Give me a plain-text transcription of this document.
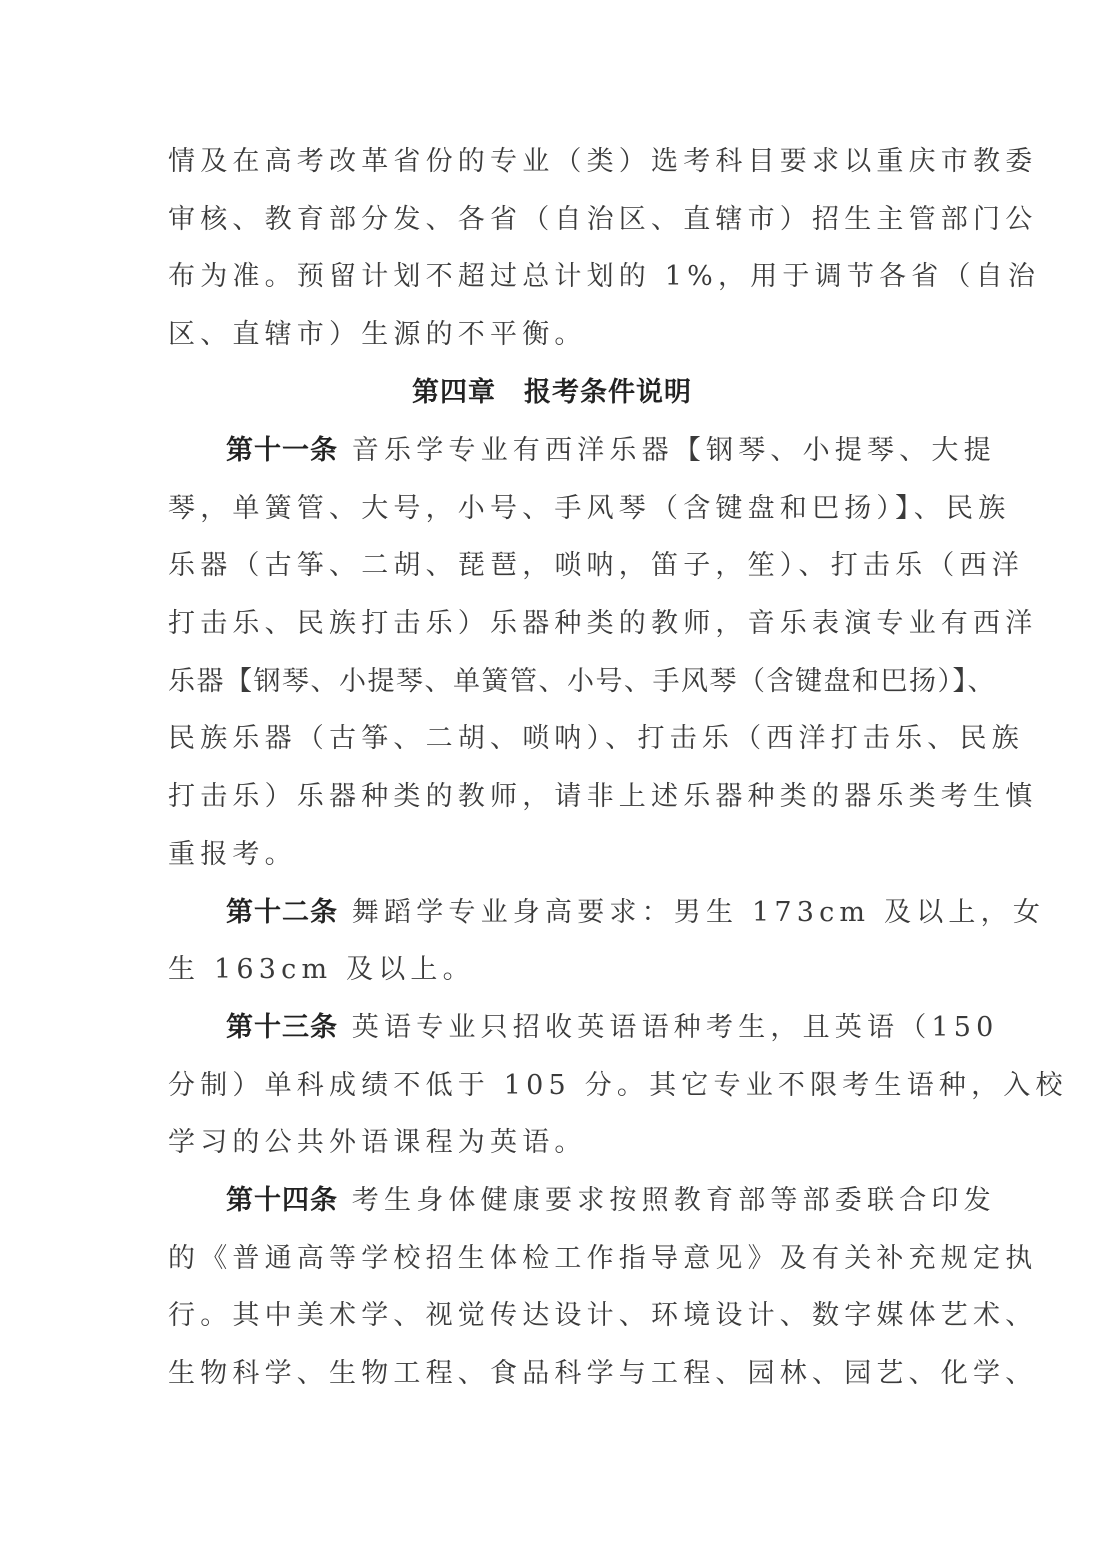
情及在高考改革省份的专业（类）选考科目要求以重庆市教委
审核、教育部分发、各省（自治区、直辖市）招生主管部门公
布为准。预留计划不超过总计划的 1%，用于调节各省（自治
区、直辖市）生源的不平衡。
第四章　报考条件说明
第十一条 音乐学专业有西洋乐器【钢琴、小提琴、大提
琴，单簧管、大号，小号、手风琴（含键盘和巴扬）】、民族
乐器（古筝、二胡、琵琶，唢呐，笛子，笙）、打击乐（西洋
打击乐、民族打击乐）乐器种类的教师，音乐表演专业有西洋
乐器【钢琴、小提琴、单簧管、小号、手风琴（含键盘和巴扬）】、
民族乐器（古筝、二胡、唢呐）、打击乐（西洋打击乐、民族
打击乐）乐器种类的教师，请非上述乐器种类的器乐类考生慎
重报考。
第十二条 舞蹈学专业身高要求：男生 173cm 及以上，女
生 163cm 及以上。
第十三条 英语专业只招收英语语种考生，且英语（150
分制）单科成绩不低于 105 分。其它专业不限考生语种，入校
学习的公共外语课程为英语。
第十四条 考生身体健康要求按照教育部等部委联合印发
的《普通高等学校招生体检工作指导意见》及有关补充规定执
行。其中美术学、视觉传达设计、环境设计、数字媒体艺术、
生物科学、生物工程、食品科学与工程、园林、园艺、化学、
